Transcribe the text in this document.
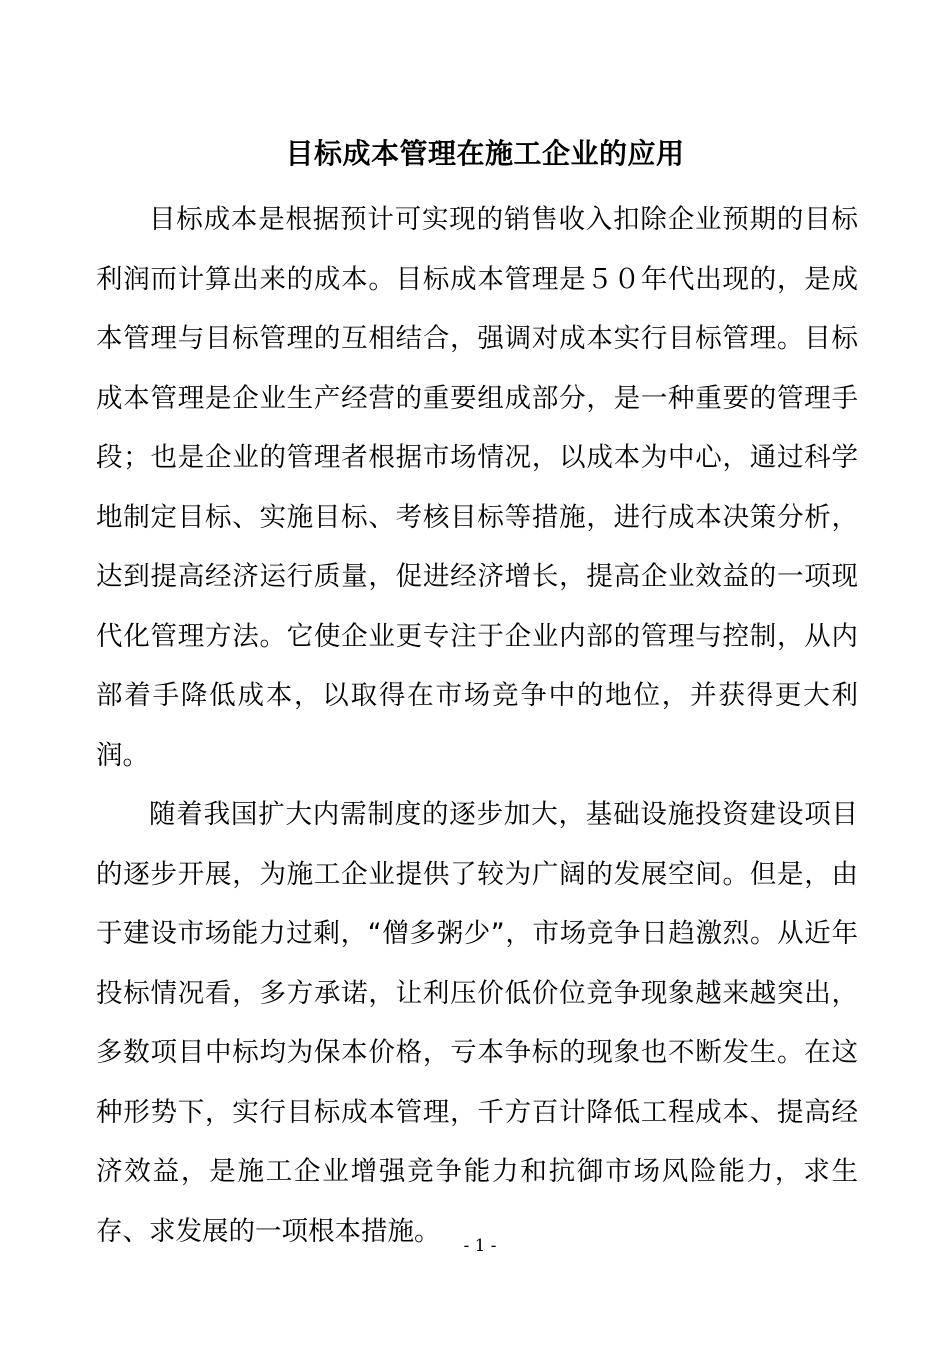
目标成本管理在施工企业的应用

目标成本是根据预计可实现的销售收入扣除企业预期的目标利润而计算出来的成本。目标成本管理是５０年代出现的，是成本管理与目标管理的互相结合，强调对成本实行目标管理。目标成本管理是企业生产经营的重要组成部分，是一种重要的管理手段；也是企业的管理者根据市场情况，以成本为中心，通过科学地制定目标、实施目标、考核目标等措施，进行成本决策分析，达到提高经济运行质量，促进经济增长，提高企业效益的一项现代化管理方法。它使企业更专注于企业内部的管理与控制，从内部着手降低成本，以取得在市场竞争中的地位，并获得更大利润。

随着我国扩大内需制度的逐步加大，基础设施投资建设项目的逐步开展，为施工企业提供了较为广阔的发展空间。但是，由于建设市场能力过剩，“僧多粥少”，市场竞争日趋激烈。从近年投标情况看，多方承诺，让利压价低价位竞争现象越来越突出，多数项目中标均为保本价格，亏本争标的现象也不断发生。在这种形势下，实行目标成本管理，千方百计降低工程成本、提高经济效益，是施工企业增强竞争能力和抗御市场风险能力，求生存、求发展的一项根本措施。	- 1 -
